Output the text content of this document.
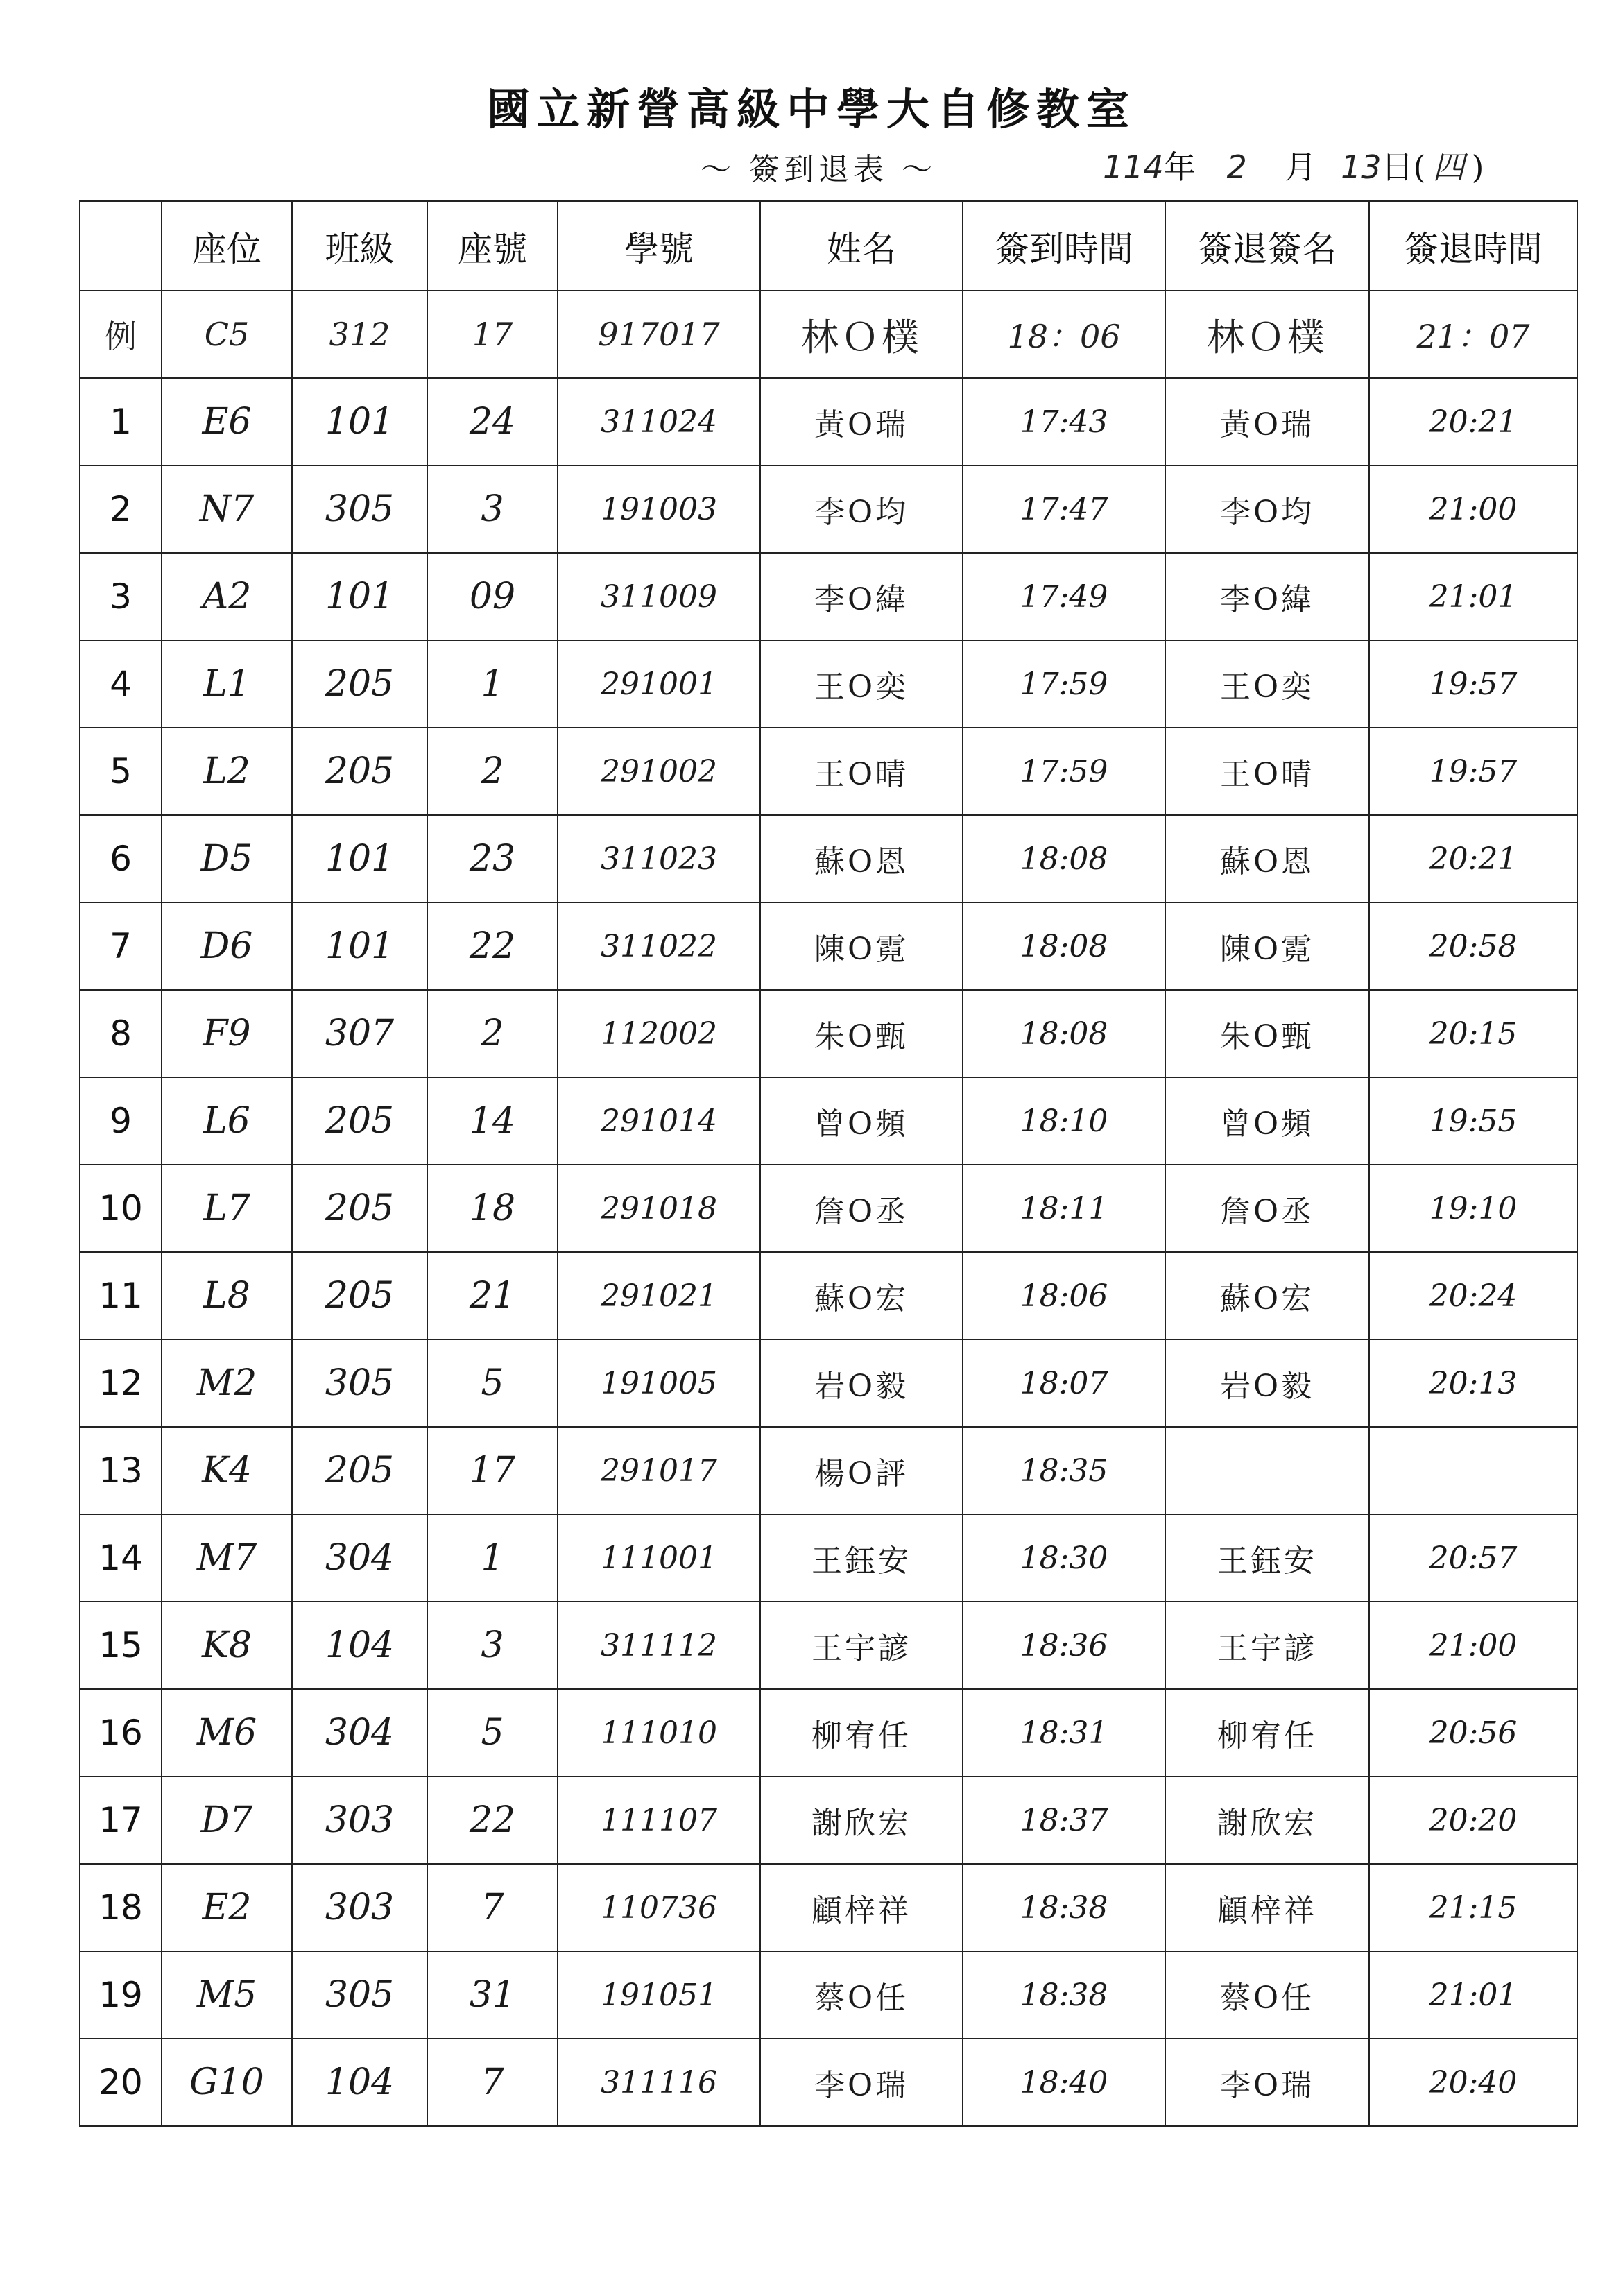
國立新營高級中學大自修教室
～ 簽到退表 ～	114年 2 月 13日( 四 )
	座位	班級	座號	學號	姓名	簽到時間	簽退簽名	簽退時間
例	C5	312	17	917017	林Ｏ樸	18：06	林Ｏ樸	21：07
1	E6	101	24	311024	黃O瑞	17:43	黃O瑞	20:21
2	N7	305	3	191003	李O均	17:47	李O均	21:00
3	A2	101	09	311009	李O緯	17:49	李O緯	21:01
4	L1	205	1	291001	王O奕	17:59	王O奕	19:57
5	L2	205	2	291002	王O晴	17:59	王O晴	19:57
6	D5	101	23	311023	蘇O恩	18:08	蘇O恩	20:21
7	D6	101	22	311022	陳O霓	18:08	陳O霓	20:58
8	F9	307	2	112002	朱O甄	18:08	朱O甄	20:15
9	L6	205	14	291014	曾O頻	18:10	曾O頻	19:55
10	L7	205	18	291018	詹O丞	18:11	詹O丞	19:10
11	L8	205	21	291021	蘇O宏	18:06	蘇O宏	20:24
12	M2	305	5	191005	岩O毅	18:07	岩O毅	20:13
13	K4	205	17	291017	楊O評	18:35		
14	M7	304	1	111001	王鈺安	18:30	王鈺安	20:57
15	K8	104	3	311112	王宇諺	18:36	王宇諺	21:00
16	M6	304	5	111010	柳宥任	18:31	柳宥任	20:56
17	D7	303	22	111107	謝欣宏	18:37	謝欣宏	20:20
18	E2	303	7	110736	顧梓祥	18:38	顧梓祥	21:15
19	M5	305	31	191051	蔡O任	18:38	蔡O任	21:01
20	G10	104	7	311116	李O瑞	18:40	李O瑞	20:40
